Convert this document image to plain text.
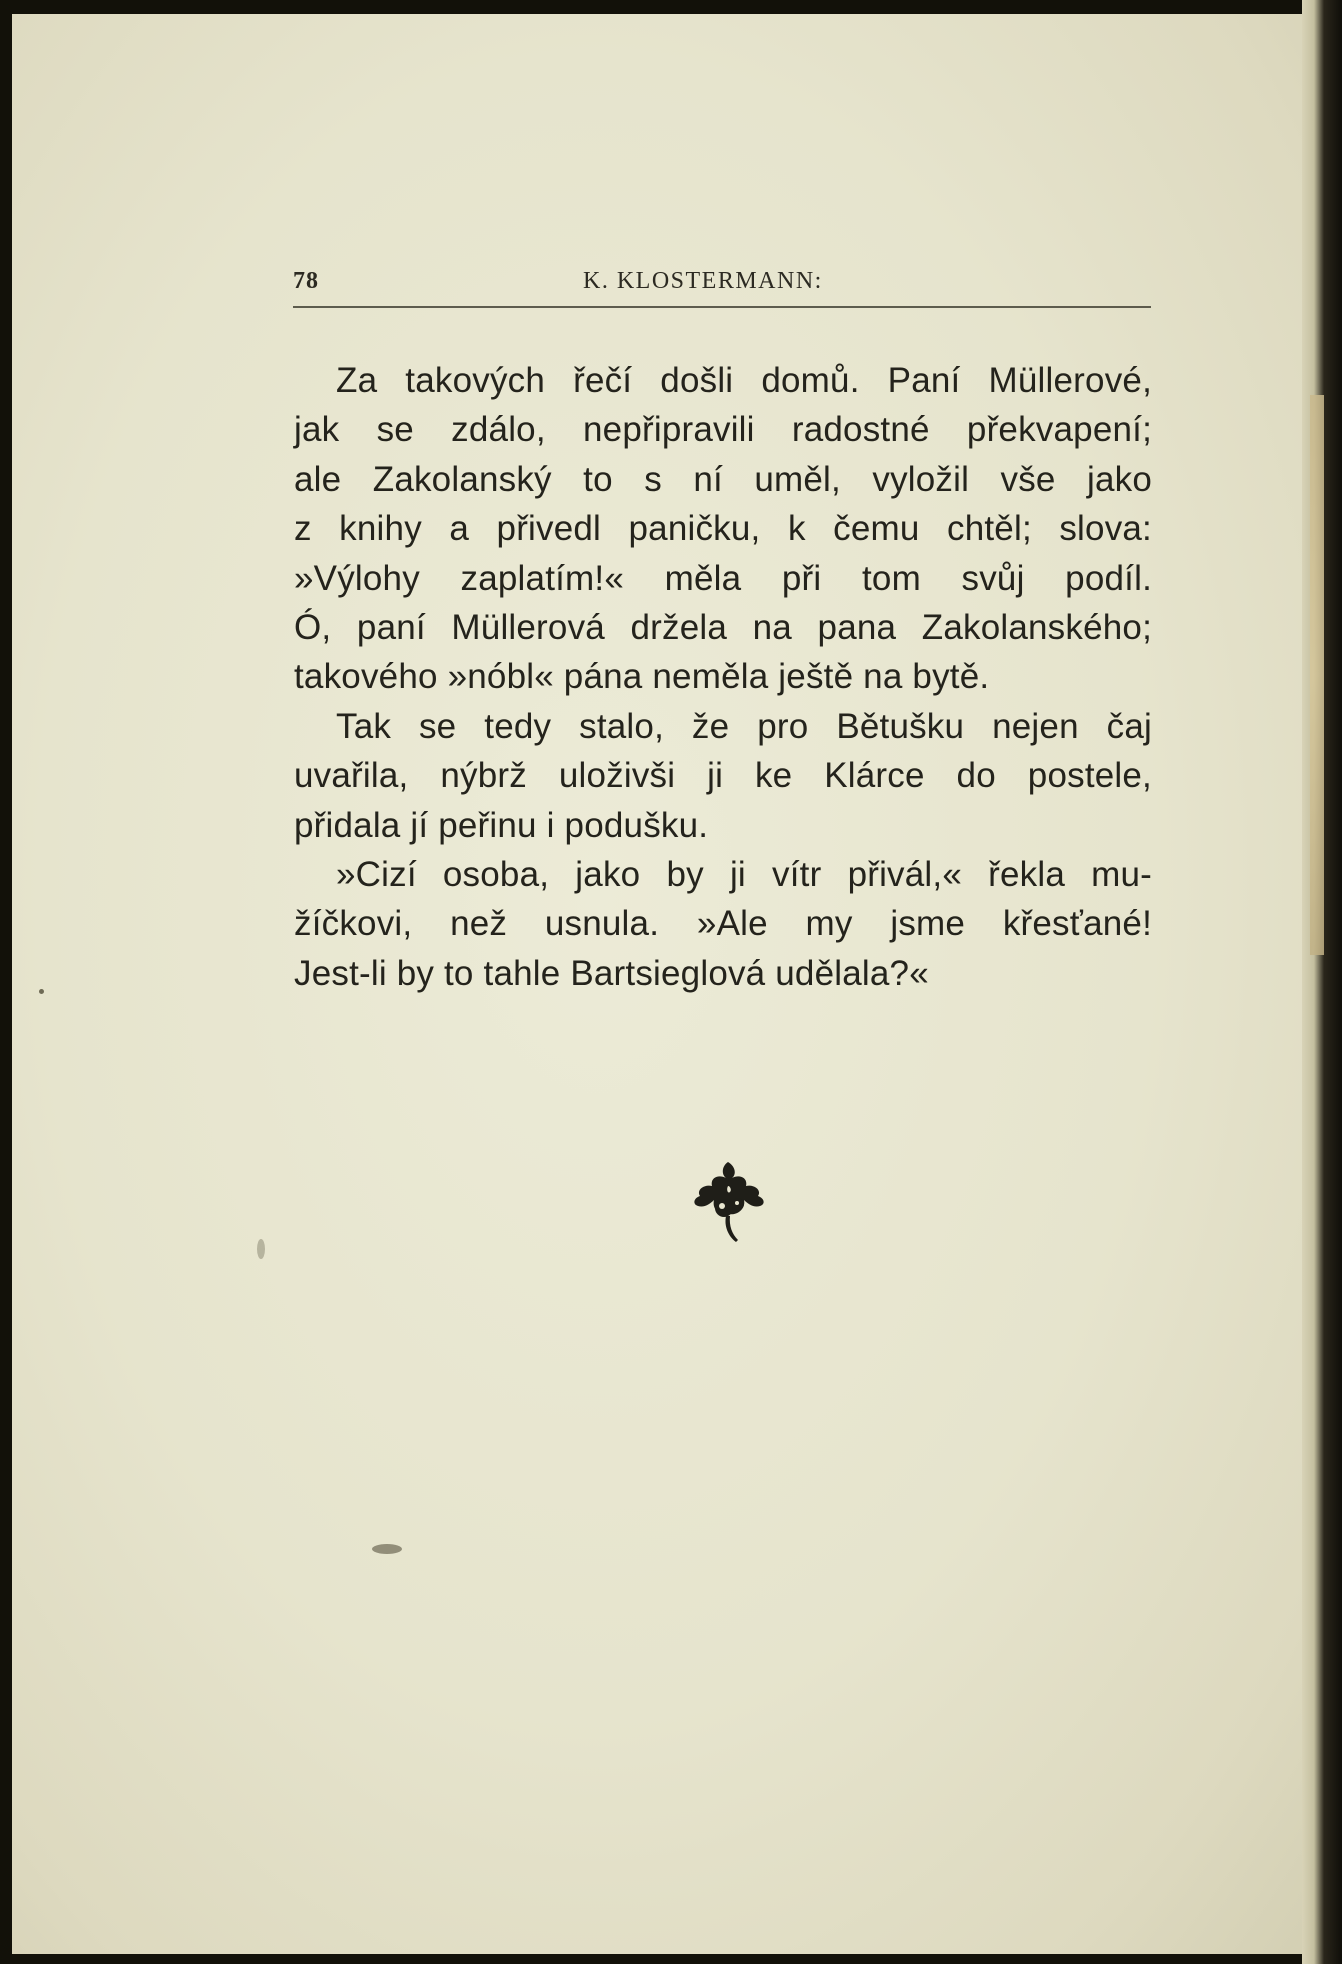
78	K. KLOSTERMANN:
Za takových řečí došli domů. Paní Müllerové,
jak se zdálo, nepřipravili radostné překvapení;
ale Zakolanský to s ní uměl, vyložil vše jako
z knihy a přivedl paničku, k čemu chtěl; slova:
»Výlohy zaplatím!« měla při tom svůj podíl.
Ó, paní Müllerová držela na pana Zakolanského;
takového »nóbl« pána neměla ještě na bytě.
Tak se tedy stalo, že pro Bětušku nejen čaj
uvařila, nýbrž uloživši ji ke Klárce do postele,
přidala jí peřinu i podušku.
»Cizí osoba, jako by ji vítr přivál,« řekla mu-
žíčkovi, než usnula. »Ale my jsme křesťané!
Jest-li by to tahle Bartsieglová udělala?«
